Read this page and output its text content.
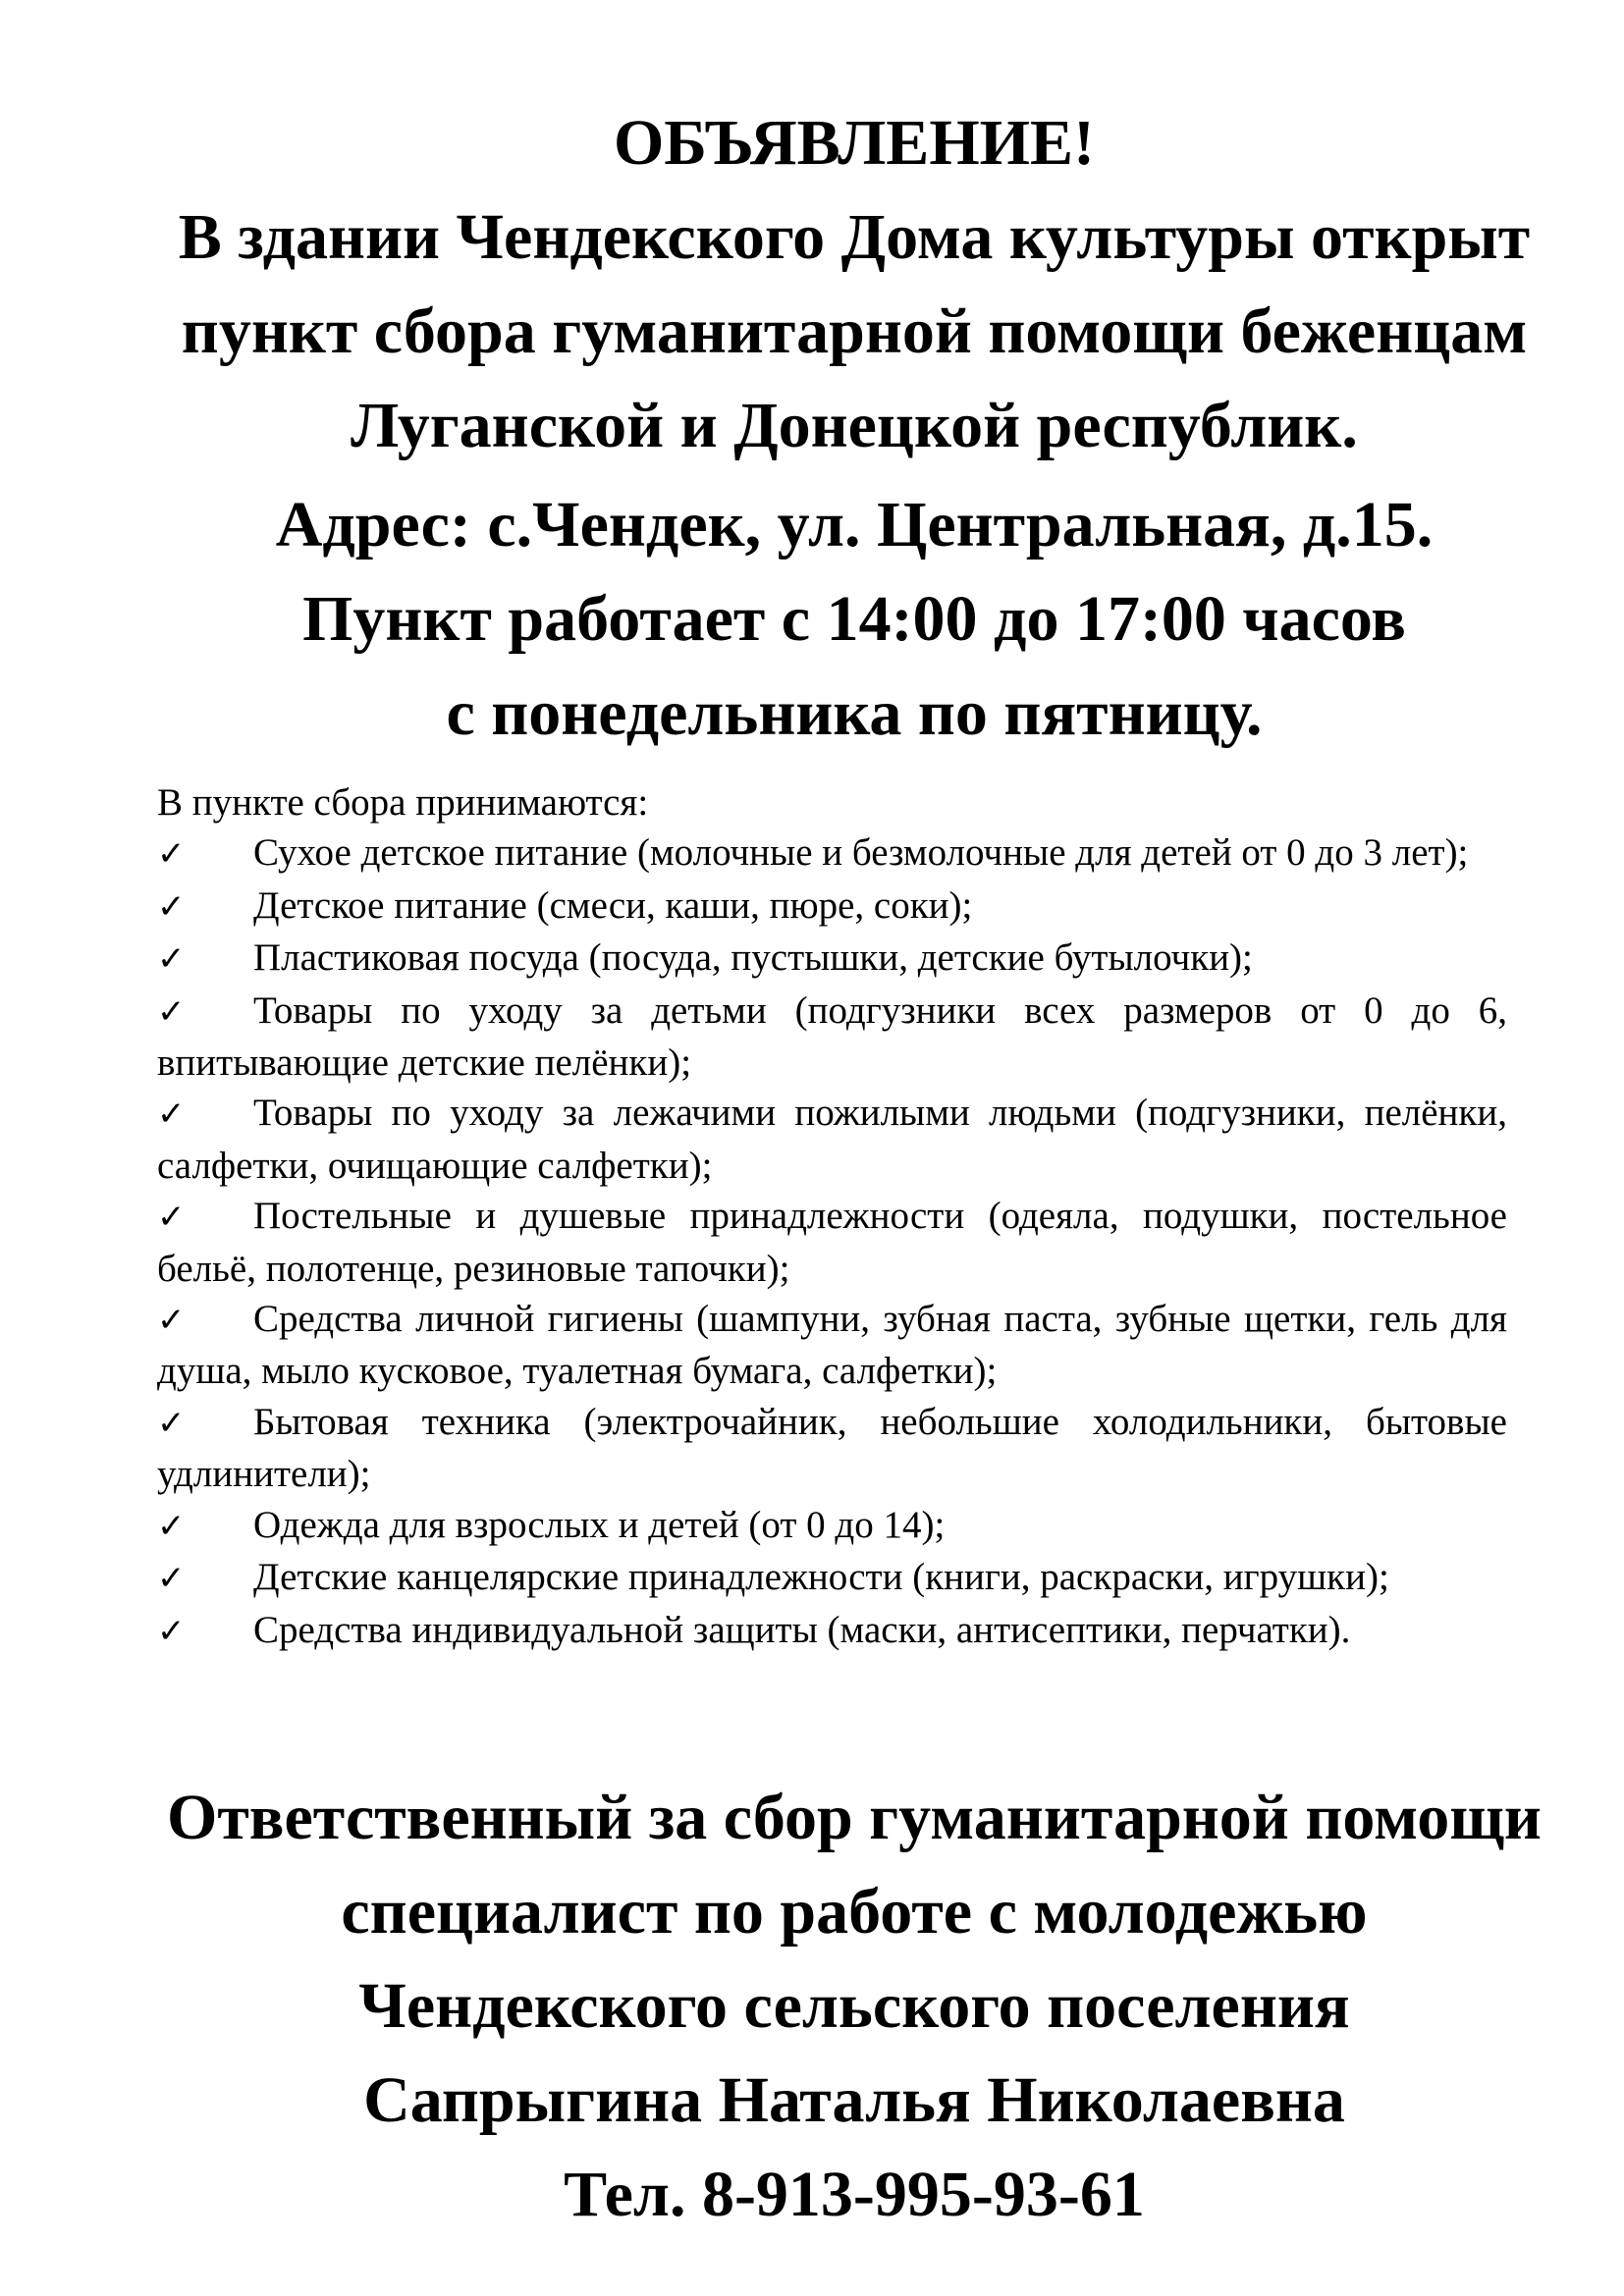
ОБЪЯВЛЕНИЕ!
В здании Чендекского Дома культуры открыт
пункт сбора гуманитарной помощи беженцам
Луганской и Донецкой республик.
Адрес: с.Чендек, ул. Центральная, д.15.
Пункт работает с 14:00 до 17:00 часов
с понедельника по пятницу.
В пункте сбора принимаются:
✓ Сухое детское питание (молочные и безмолочные для детей от 0 до 3 лет);
✓ Детское питание (смеси, каши, пюре, соки);
✓ Пластиковая посуда (посуда, пустышки, детские бутылочки);
✓ Товары по уходу за детьми (подгузники всех размеров от 0 до 6, впитывающие детские пелёнки);
✓ Товары по уходу за лежачими пожилыми людьми (подгузники, пелёнки, салфетки, очищающие салфетки);
✓ Постельные и душевые принадлежности (одеяла, подушки, постельное бельё, полотенце, резиновые тапочки);
✓ Средства личной гигиены (шампуни, зубная паста, зубные щетки, гель для душа, мыло кусковое, туалетная бумага, салфетки);
✓ Бытовая техника (электрочайник, небольшие холодильники, бытовые удлинители);
✓ Одежда для взрослых и детей (от 0 до 14);
✓ Детские канцелярские принадлежности (книги, раскраски, игрушки);
✓ Средства индивидуальной защиты (маски, антисептики, перчатки).
Ответственный за сбор гуманитарной помощи
специалист по работе с молодежью
Чендекского сельского поселения
Сапрыгина Наталья Николаевна
Тел. 8-913-995-93-61
